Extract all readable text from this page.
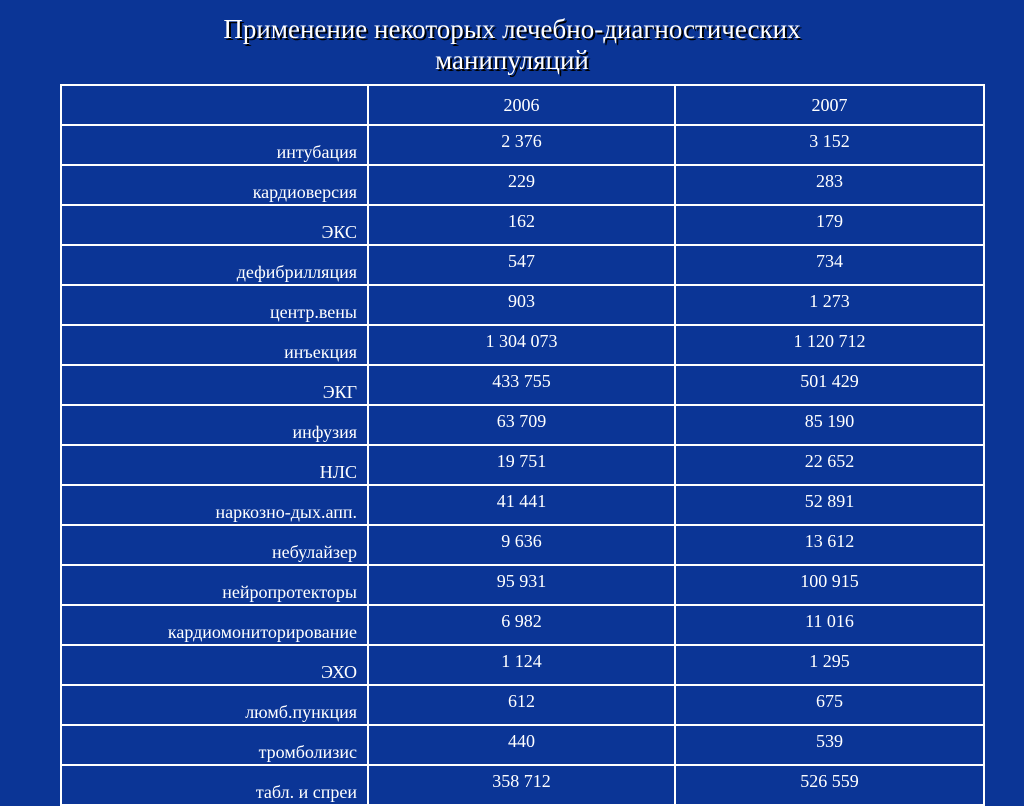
Применение некоторых лечебно-диагностических
манипуляций
	2006	2007
интубация	2 376	3 152
кардиоверсия	229	283
ЭКС	162	179
дефибрилляция	547	734
центр.вены	903	1 273
инъекция	1 304 073	1 120 712
ЭКГ	433 755	501 429
инфузия	63 709	85 190
НЛС	19 751	22 652
наркозно-дых.апп.	41 441	52 891
небулайзер	9 636	13 612
нейропротекторы	95 931	100 915
кардиомониторирование	6 982	11 016
ЭХО	1 124	1 295
люмб.пункция	612	675
тромболизис	440	539
табл. и спреи	358 712	526 559
